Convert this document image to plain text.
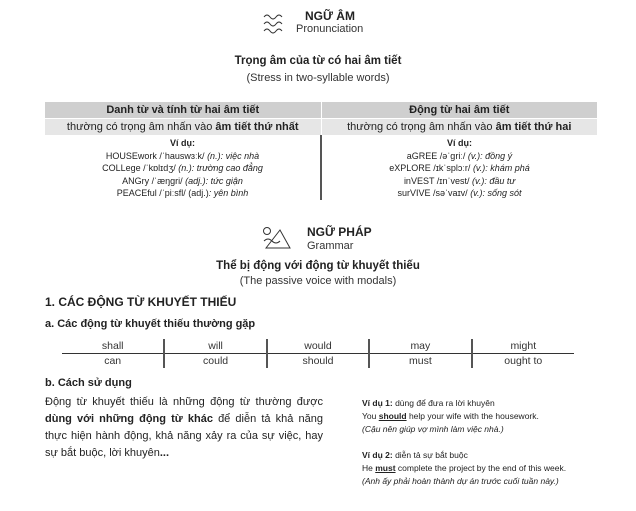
NGỮ ÂM
Pronunciation
Trọng âm của từ có hai âm tiết
(Stress in two-syllable words)
Danh từ và tính từ hai âm tiết	Động từ hai âm tiết
thường có trọng âm nhấn vào âm tiết thứ nhất	thường có trọng âm nhấn vào âm tiết thứ hai
Ví dụ:
HOUSEwork /ˈhauswɜːk/ (n.): việc nhà
COLLege /ˈkɒlɪdʒ/ (n.): trường cao đẳng
ANGry /ˈæŋgri/ (adj.): tức giận
PEACEful /ˈpiːsfl/ (adj.): yên bình
Ví dụ:
aGREE /əˈgriː/ (v.): đồng ý
eXPLORE /ɪkˈsplɔːr/ (v.): khám phá
inVEST /ɪnˈvest/ (v.): đầu tư
surVIVE /səˈvaɪv/ (v.): sống sót
NGỮ PHÁP
Grammar
Thể bị động với động từ khuyết thiếu
(The passive voice with modals)
1. CÁC ĐỘNG TỪ KHUYẾT THIẾU
a. Các động từ khuyết thiếu thường gặp
shall	will	would	may	might
can	could	should	must	ought to
b. Cách sử dụng
Động từ khuyết thiếu là những động từ thường được dùng với những động từ khác để diễn tả khả năng thực hiện hành động, khả năng xảy ra của sự việc, hay sự bắt buộc, lời khuyên...
Ví dụ 1: dùng để đưa ra lời khuyên
You should help your wife with the housework.
(Cậu nên giúp vợ mình làm việc nhà.)
Ví dụ 2: diễn tả sự bắt buộc
He must complete the project by the end of this week.
(Anh ấy phải hoàn thành dự án trước cuối tuần này.)
